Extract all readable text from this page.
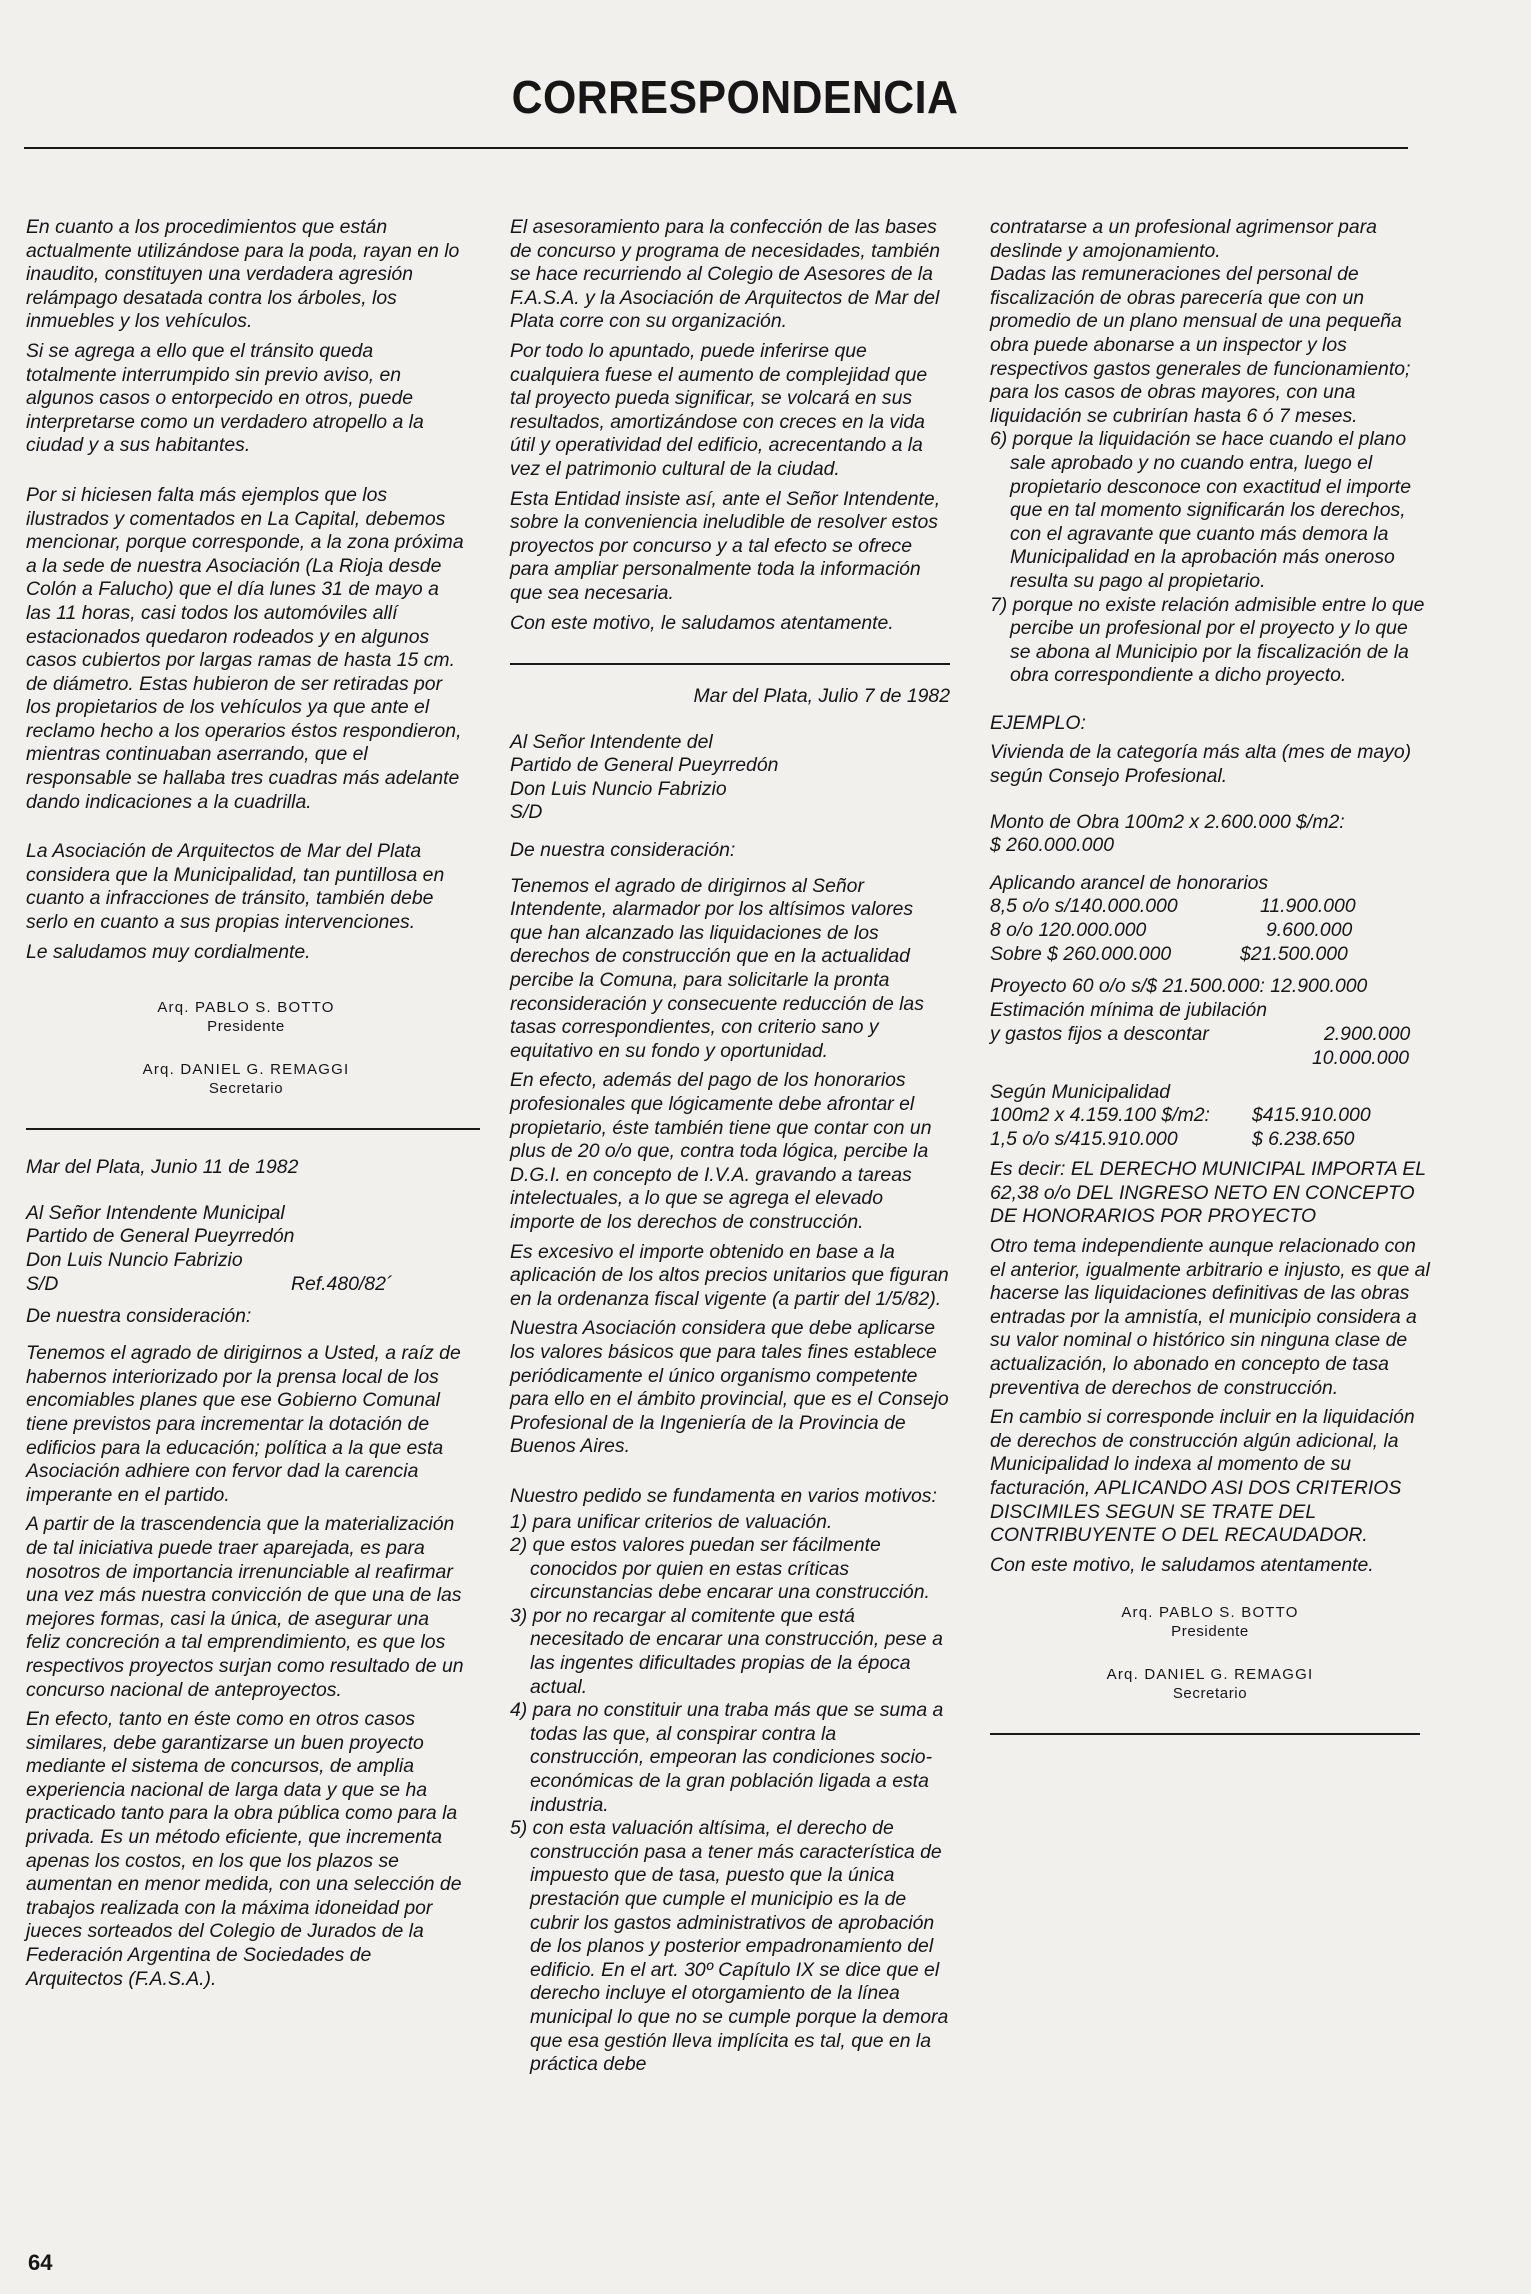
CORRESPONDENCIA

En cuanto a los procedimientos que están actualmente utilizándose para la poda, rayan en lo inaudito, constituyen una verdadera agresión relámpago desatada contra los árboles, los inmuebles y los vehículos.

Si se agrega a ello que el tránsito queda totalmente interrumpido sin previo aviso, en algunos casos o entorpecido en otros, puede interpretarse como un verdadero atropello a la ciudad y a sus habitantes.

Por si hiciesen falta más ejemplos que los ilustrados y comentados en La Capital, debemos mencionar, porque corresponde, a la zona próxima a la sede de nuestra Asociación (La Rioja desde Colón a Falucho) que el día lunes 31 de mayo a las 11 horas, casi todos los automóviles allí estacionados quedaron rodeados y en algunos casos cubiertos por largas ramas de hasta 15 cm. de diámetro. Estas hubieron de ser retiradas por los propietarios de los vehículos ya que ante el reclamo hecho a los operarios éstos respondieron, mientras continuaban aserrando, que el responsable se hallaba tres cuadras más adelante dando indicaciones a la cuadrilla.

La Asociación de Arquitectos de Mar del Plata considera que la Municipalidad, tan puntillosa en cuanto a infracciones de tránsito, también debe serlo en cuanto a sus propias intervenciones.

Le saludamos muy cordialmente.

Arq. PABLO S. BOTTO
Presidente
Arq. DANIEL G. REMAGGI
Secretario

Mar del Plata, Junio 11 de 1982

Al Señor Intendente Municipal

Partido de General Pueyrredón

Don Luis Nuncio Fabrizio

S/D	Ref.480/82´

De nuestra consideración:

Tenemos el agrado de dirigirnos a Usted, a raíz de habernos interiorizado por la prensa local de los encomiables planes que ese Gobierno Comunal tiene previstos para incrementar la dotación de edificios para la educación; política a la que esta Asociación adhiere con fervor dad la carencia imperante en el partido.

A partir de la trascendencia que la materialización de tal iniciativa puede traer aparejada, es para nosotros de importancia irrenunciable al reafirmar una vez más nuestra convicción de que una de las mejores formas, casi la única, de asegurar una feliz concreción a tal emprendimiento, es que los respectivos proyectos surjan como resultado de un concurso nacional de anteproyectos.

En efecto, tanto en éste como en otros casos similares, debe garantizarse un buen proyecto mediante el sistema de concursos, de amplia experiencia nacional de larga data y que se ha practicado tanto para la obra pública como para la privada. Es un método eficiente, que incrementa apenas los costos, en los que los plazos se aumentan en menor medida, con una selección de trabajos realizada con la máxima idoneidad por jueces sorteados del Colegio de Jurados de la Federación Argentina de Sociedades de Arquitectos (F.A.S.A.).

El asesoramiento para la confección de las bases de concurso y programa de necesidades, también se hace recurriendo al Colegio de Asesores de la F.A.S.A. y la Asociación de Arquitectos de Mar del Plata corre con su organización.

Por todo lo apuntado, puede inferirse que cualquiera fuese el aumento de complejidad que tal proyecto pueda significar, se volcará en sus resultados, amortizándose con creces en la vida útil y operatividad del edificio, acrecentando a la vez el patrimonio cultural de la ciudad.

Esta Entidad insiste así, ante el Señor Intendente, sobre la conveniencia ineludible de resolver estos proyectos por concurso y a tal efecto se ofrece para ampliar personalmente toda la información que sea necesaria.

Con este motivo, le saludamos atentamente.

Mar del Plata, Julio 7 de 1982

Al Señor Intendente del

Partido de General Pueyrredón

Don Luis Nuncio Fabrizio

S/D

De nuestra consideración:

Tenemos el agrado de dirigirnos al Señor Intendente, alarmador por los altísimos valores que han alcanzado las liquidaciones de los derechos de construcción que en la actualidad percibe la Comuna, para solicitarle la pronta reconsideración y consecuente reducción de las tasas correspondientes, con criterio sano y equitativo en su fondo y oportunidad.

En efecto, además del pago de los honorarios profesionales que lógicamente debe afrontar el propietario, éste también tiene que contar con un plus de 20 o/o que, contra toda lógica, percibe la D.G.I. en concepto de I.V.A. gravando a tareas intelectuales, a lo que se agrega el elevado importe de los derechos de construcción.

Es excesivo el importe obtenido en base a la aplicación de los altos precios unitarios que figuran en la ordenanza fiscal vigente (a partir del 1/5/82).

Nuestra Asociación considera que debe aplicarse los valores básicos que para tales fines establece periódicamente el único organismo competente para ello en el ámbito provincial, que es el Consejo Profesional de la Ingeniería de la Provincia de Buenos Aires.

Nuestro pedido se fundamenta en varios motivos:

1) para unificar criterios de valuación.

2) que estos valores puedan ser fácilmente conocidos por quien en estas críticas circunstancias debe encarar una construcción.

3) por no recargar al comitente que está necesitado de encarar una construcción, pese a las ingentes dificultades propias de la época actual.

4) para no constituir una traba más que se suma a todas las que, al conspirar contra la construcción, empeoran las condiciones socio-económicas de la gran población ligada a esta industria.

5) con esta valuación altísima, el derecho de construcción pasa a tener más característica de impuesto que de tasa, puesto que la única prestación que cumple el municipio es la de cubrir los gastos administrativos de aprobación de los planos y posterior empadronamiento del edificio. En el art. 30º Capítulo IX se dice que el derecho incluye el otorgamiento de la línea municipal lo que no se cumple porque la demora que esa gestión lleva implícita es tal, que en la práctica debe

contratarse a un profesional agrimensor para deslinde y amojonamiento.

Dadas las remuneraciones del personal de fiscalización de obras parecería que con un promedio de un plano mensual de una pequeña obra puede abonarse a un inspector y los respectivos gastos generales de funcionamiento; para los casos de obras mayores, con una liquidación se cubrirían hasta 6 ó 7 meses.

6) porque la liquidación se hace cuando el plano sale aprobado y no cuando entra, luego el propietario desconoce con exactitud el importe que en tal momento significarán los derechos, con el agravante que cuanto más demora la Municipalidad en la aprobación más oneroso resulta su pago al propietario.

7) porque no existe relación admisible entre lo que percibe un profesional por el proyecto y lo que se abona al Municipio por la fiscalización de la obra correspondiente a dicho proyecto.

EJEMPLO:

Vivienda de la categoría más alta (mes de mayo) según Consejo Profesional.

Monto de Obra 100m2 x 2.600.000 $/m2:

$ 260.000.000

Aplicando arancel de honorarios

8,5 o/o s/140.000.000	11.900.000
8 o/o 120.000.000	9.600.000
Sobre $ 260.000.000	$21.500.000

Proyecto 60 o/o s/$ 21.500.000: 12.900.000

Estimación mínima de jubilación

y gastos fijos a descontar	2.900.000
10.000.000

Según Municipalidad

100m2 x 4.159.100 $/m2: $415.910.000
1,5 o/o s/415.910.000	$ 6.238.650

Es decir: EL DERECHO MUNICIPAL IMPORTA EL 62,38 o/o DEL INGRESO NETO EN CONCEPTO DE HONORARIOS POR PROYECTO

Otro tema independiente aunque relacionado con el anterior, igualmente arbitrario e injusto, es que al hacerse las liquidaciones definitivas de las obras entradas por la amnistía, el municipio considera a su valor nominal o histórico sin ninguna clase de actualización, lo abonado en concepto de tasa preventiva de derechos de construcción.

En cambio si corresponde incluir en la liquidación de derechos de construcción algún adicional, la Municipalidad lo indexa al momento de su facturación, APLICANDO ASI DOS CRITERIOS DISCIMILES SEGUN SE TRATE DEL CONTRIBUYENTE O DEL RECAUDADOR.

Con este motivo, le saludamos atentamente.

Arq. PABLO S. BOTTO
Presidente
Arq. DANIEL G. REMAGGI
Secretario
64
